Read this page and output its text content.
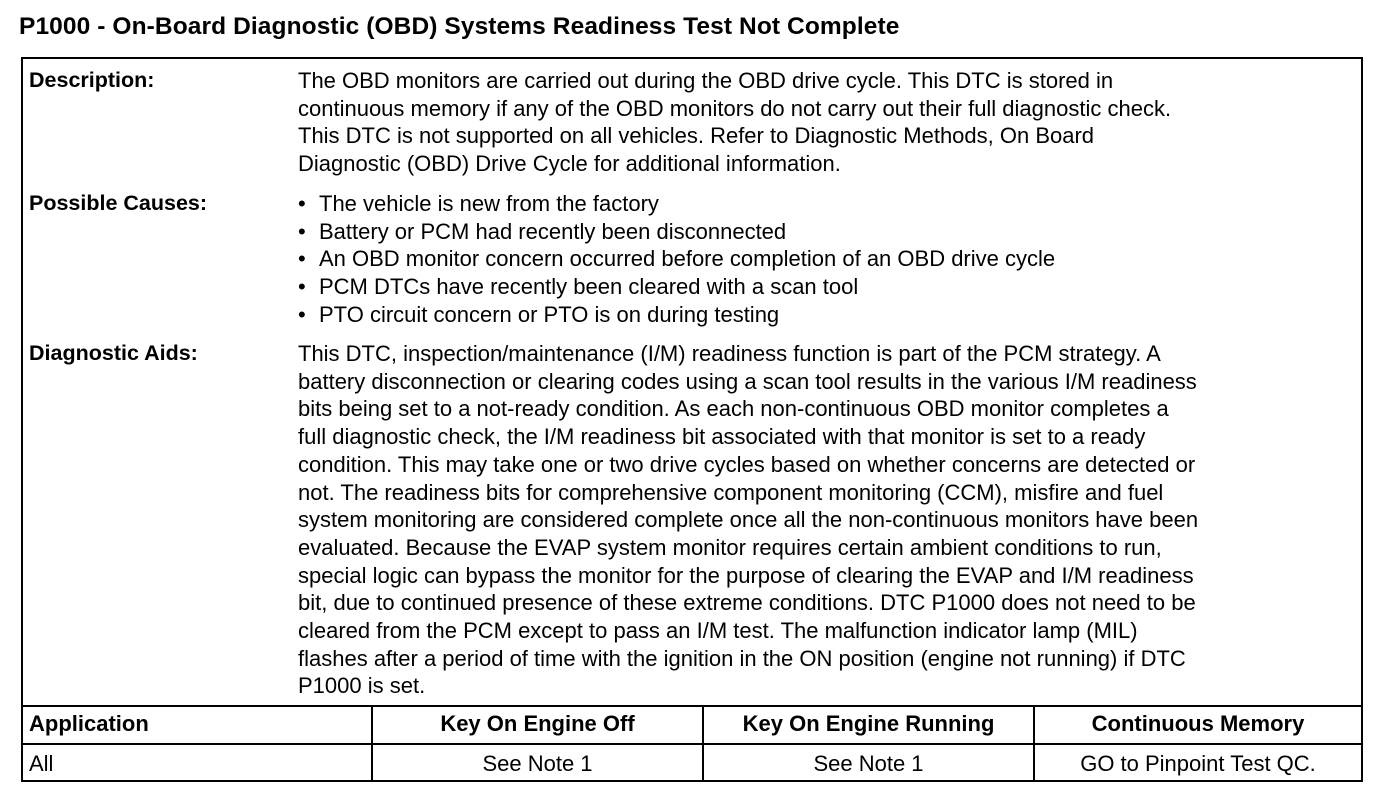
P1000 - On-Board Diagnostic (OBD) Systems Readiness Test Not Complete
Description:	The OBD monitors are carried out during the OBD drive cycle. This DTC is stored in
continuous memory if any of the OBD monitors do not carry out their full diagnostic check.
This DTC is not supported on all vehicles. Refer to Diagnostic Methods, On Board
Diagnostic (OBD) Drive Cycle for additional information.
Possible Causes:
•	The vehicle is new from the factory
• Battery or PCM had recently been disconnected
• An OBD monitor concern occurred before completion of an OBD drive cycle
• PCM DTCs have recently been cleared with a scan tool
• PTO circuit concern or PTO is on during testing
Diagnostic Aids:	This DTC, inspection/maintenance (I/M) readiness function is part of the PCM strategy. A
battery disconnection or clearing codes using a scan tool results in the various I/M readiness
bits being set to a not-ready condition. As each non-continuous OBD monitor completes a
full diagnostic check, the I/M readiness bit associated with that monitor is set to a ready
condition. This may take one or two drive cycles based on whether concerns are detected or
not. The readiness bits for comprehensive component monitoring (CCM), misfire and fuel
system monitoring are considered complete once all the non-continuous monitors have been
evaluated. Because the EVAP system monitor requires certain ambient conditions to run,
special logic can bypass the monitor for the purpose of clearing the EVAP and I/M readiness
bit, due to continued presence of these extreme conditions. DTC P1000 does not need to be
cleared from the PCM except to pass an I/M test. The malfunction indicator lamp (MIL)
flashes after a period of time with the ignition in the ON position (engine not running) if DTC
P1000 is set.
Application	Key On Engine Off	Key On Engine Running	Continuous Memory
All	See Note 1	See Note 1	GO to Pinpoint Test QC.
